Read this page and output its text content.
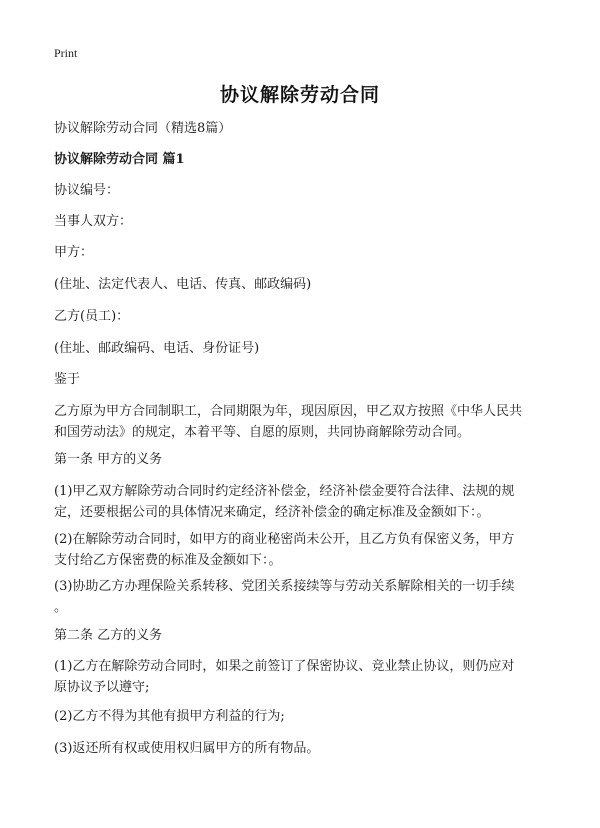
Print
协议解除劳动合同
协议解除劳动合同（精选8篇）
协议解除劳动合同 篇1
协议编号：
当事人双方：
甲方：
(住址、法定代表人、电话、传真、邮政编码)
乙方(员工)：
(住址、邮政编码、电话、身份证号)
鉴于
乙方原为甲方合同制职工，合同期限为年，现因原因，甲乙双方按照《中华人民共
和国劳动法》的规定，本着平等、自愿的原则，共同协商解除劳动合同。
第一条 甲方的义务
(1)甲乙双方解除劳动合同时约定经济补偿金，经济补偿金要符合法律、法规的规
定，还要根据公司的具体情况来确定，经济补偿金的确定标准及金额如下：。
(2)在解除劳动合同时，如甲方的商业秘密尚未公开，且乙方负有保密义务，甲方
支付给乙方保密费的标准及金额如下：。
(3)协助乙方办理保险关系转移、党团关系接续等与劳动关系解除相关的一切手续
。
第二条 乙方的义务
(1)乙方在解除劳动合同时，如果之前签订了保密协议、竞业禁止协议，则仍应对
原协议予以遵守;
(2)乙方不得为其他有损甲方利益的行为;
(3)返还所有权或使用权归属甲方的所有物品。
